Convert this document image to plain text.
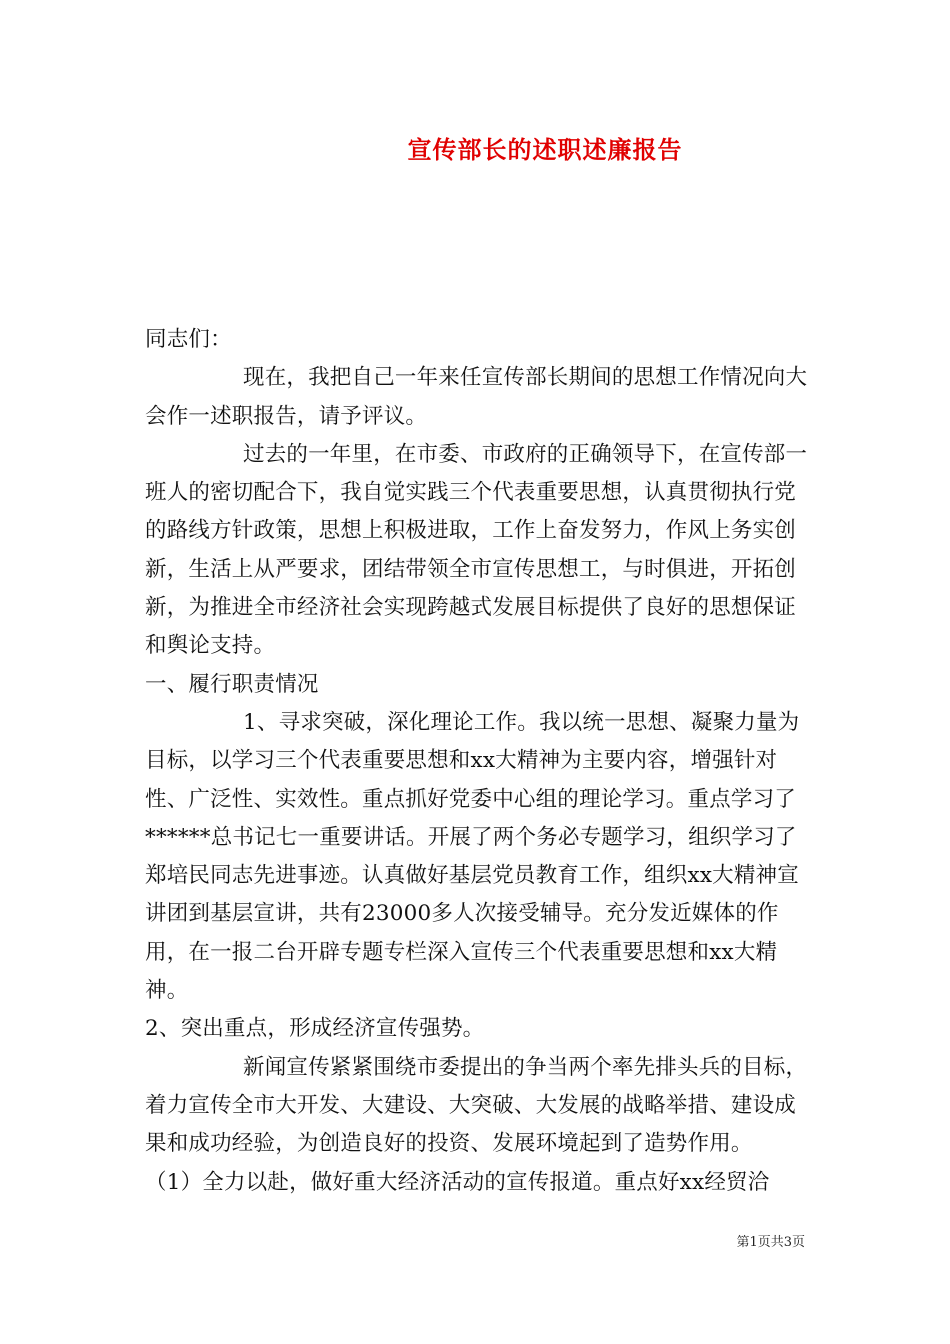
宣传部长的述职述廉报告

同志们：

现在，我把自己一年来任宣传部长期间的思想工作情况向大会作一述职报告，请予评议。

过去的一年里，在市委、市政府的正确领导下，在宣传部一班人的密切配合下，我自觉实践三个代表重要思想，认真贯彻执行党的路线方针政策，思想上积极进取，工作上奋发努力，作风上务实创新，生活上从严要求，团结带领全市宣传思想工，与时俱进，开拓创新，为推进全市经济社会实现跨越式发展目标提供了良好的思想保证和舆论支持。

一、履行职责情况

1、寻求突破，深化理论工作。我以统一思想、凝聚力量为目标，以学习三个代表重要思想和xx大精神为主要内容，增强针对性、广泛性、实效性。重点抓好党委中心组的理论学习。重点学习了******总书记七一重要讲话。开展了两个务必专题学习，组织学习了郑培民同志先进事迹。认真做好基层党员教育工作，组织xx大精神宣讲团到基层宣讲，共有23000多人次接受辅导。充分发近媒体的作用，在一报二台开辟专题专栏深入宣传三个代表重要思想和xx大精神。

2、突出重点，形成经济宣传强势。

新闻宣传紧紧围绕市委提出的争当两个率先排头兵的目标，着力宣传全市大开发、大建设、大突破、大发展的战略举措、建设成果和成功经验，为创造良好的投资、发展环境起到了造势作用。

（1）全力以赴，做好重大经济活动的宣传报道。重点好xx经贸洽

第1页共3页
